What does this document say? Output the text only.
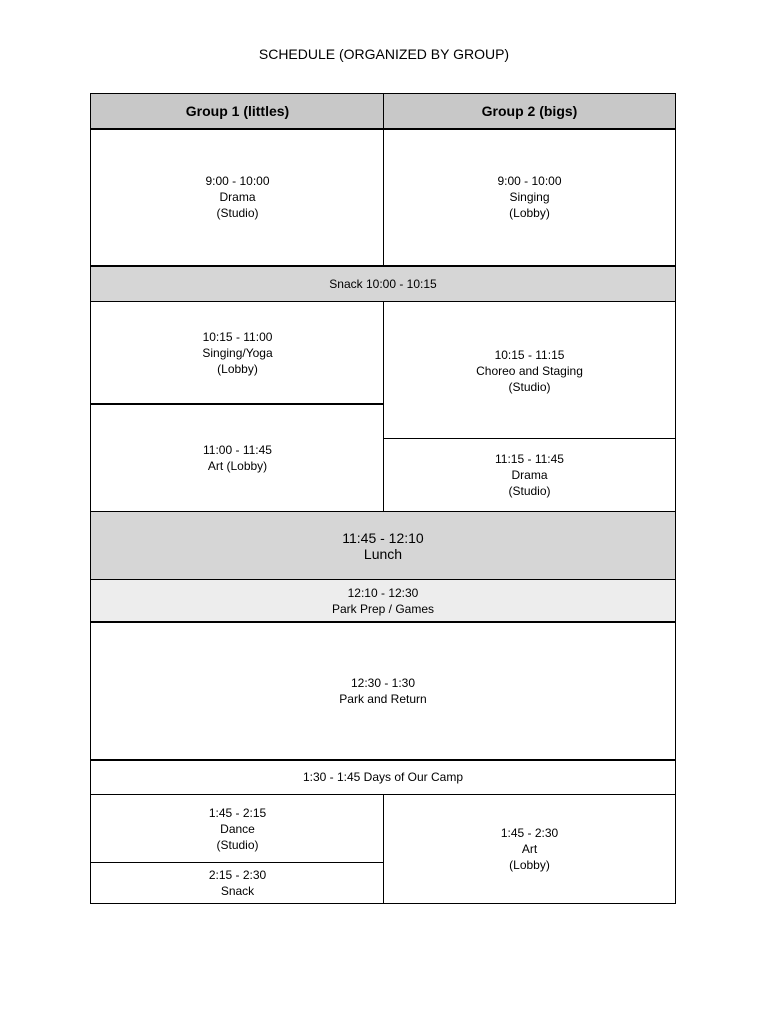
SCHEDULE (ORGANIZED BY GROUP)
Group 1 (littles)	Group 2 (bigs)
9:00 - 10:00
Drama
(Studio)
9:00 - 10:00
Singing
(Lobby)
Snack 10:00 - 10:15
10:15 - 11:00
Singing/Yoga
(Lobby)
11:00 - 11:45
Art (Lobby)
10:15 - 11:15
Choreo and Staging
(Studio)
11:15 - 11:45
Drama
(Studio)
11:45 - 12:10
Lunch
12:10 - 12:30
Park Prep / Games
12:30 - 1:30
Park and Return
1:30 - 1:45 Days of Our Camp
1:45 - 2:15
Dance
(Studio)
2:15 - 2:30
Snack
1:45 - 2:30
Art
(Lobby)
